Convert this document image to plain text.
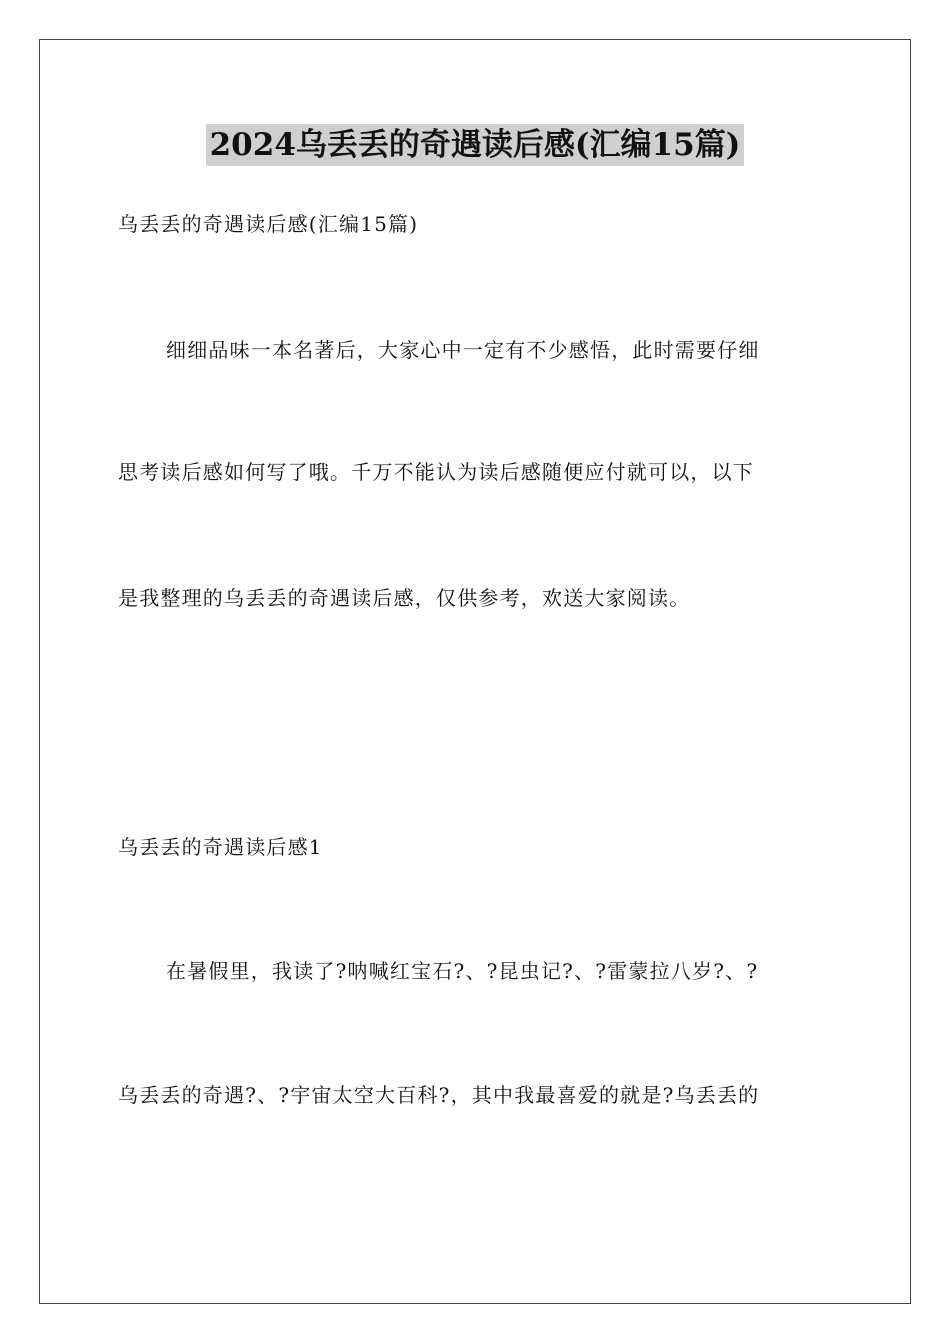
2024乌丢丢的奇遇读后感(汇编15篇)
乌丢丢的奇遇读后感(汇编15篇)
细细品味一本名著后，大家心中一定有不少感悟，此时需要仔细
思考读后感如何写了哦。千万不能认为读后感随便应付就可以，以下
是我整理的乌丢丢的奇遇读后感，仅供参考，欢送大家阅读。
乌丢丢的奇遇读后感1
在暑假里，我读了?呐喊红宝石?、?昆虫记?、?雷蒙拉八岁?、?
乌丢丢的奇遇?、?宇宙太空大百科?，其中我最喜爱的就是?乌丢丢的
